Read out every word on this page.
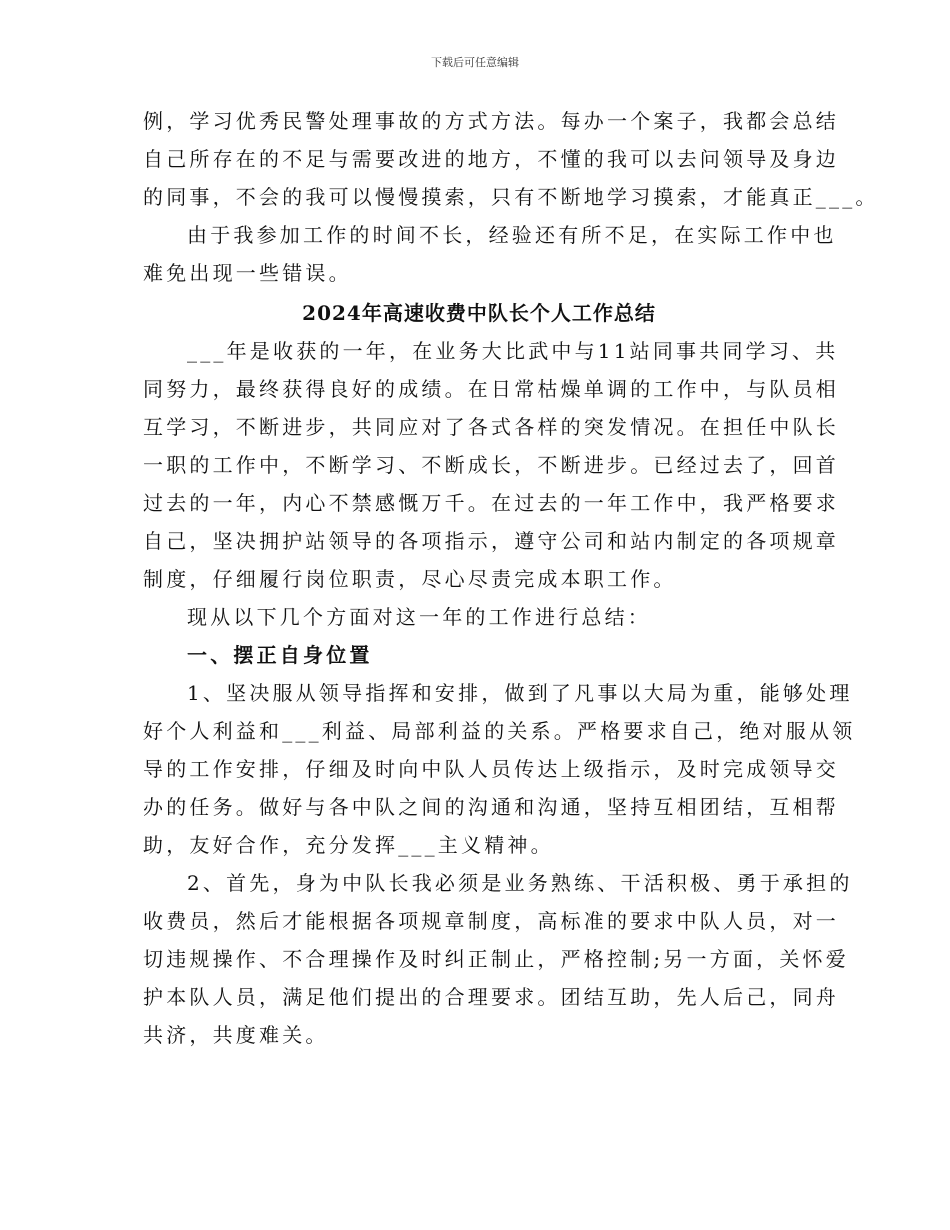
下载后可任意编辑
例，学习优秀民警处理事故的方式方法。每办一个案子，我都会总结
自己所存在的不足与需要改进的地方，不懂的我可以去问领导及身边
的同事，不会的我可以慢慢摸索，只有不断地学习摸索，才能真正___。
由于我参加工作的时间不长，经验还有所不足，在实际工作中也
难免出现一些错误。
2024年高速收费中队长个人工作总结
___年是收获的一年，在业务大比武中与11站同事共同学习、共
同努力，最终获得良好的成绩。在日常枯燥单调的工作中，与队员相
互学习，不断进步，共同应对了各式各样的突发情况。在担任中队长
一职的工作中，不断学习、不断成长，不断进步。已经过去了，回首
过去的一年，内心不禁感慨万千。在过去的一年工作中，我严格要求
自己，坚决拥护站领导的各项指示，遵守公司和站内制定的各项规章
制度，仔细履行岗位职责，尽心尽责完成本职工作。
现从以下几个方面对这一年的工作进行总结：
一、摆正自身位置
1、坚决服从领导指挥和安排，做到了凡事以大局为重，能够处理
好个人利益和___利益、局部利益的关系。严格要求自己，绝对服从领
导的工作安排，仔细及时向中队人员传达上级指示，及时完成领导交
办的任务。做好与各中队之间的沟通和沟通，坚持互相团结，互相帮
助，友好合作，充分发挥___主义精神。
2、首先，身为中队长我必须是业务熟练、干活积极、勇于承担的
收费员，然后才能根据各项规章制度，高标准的要求中队人员，对一
切违规操作、不合理操作及时纠正制止，严格控制;另一方面，关怀爱
护本队人员，满足他们提出的合理要求。团结互助，先人后己，同舟
共济，共度难关。
